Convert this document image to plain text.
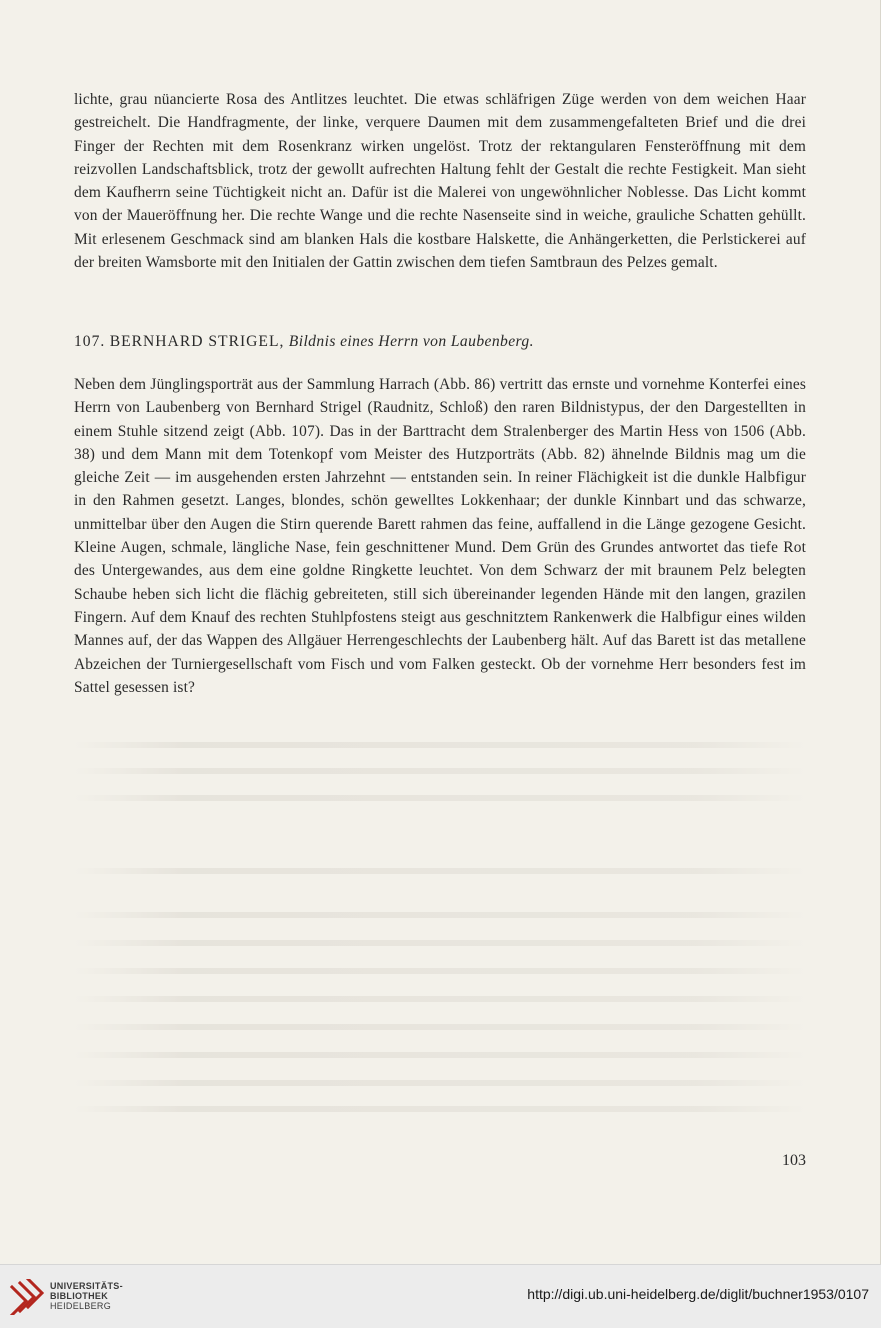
lichte, grau nüancierte Rosa des Antlitzes leuchtet. Die etwas schläfrigen Züge werden von dem weichen Haar gestreichelt. Die Handfragmente, der linke, verquere Daumen mit dem zusammengefalteten Brief und die drei Finger der Rechten mit dem Rosenkranz wirken ungelöst. Trotz der rektangularen Fensteröffnung mit dem reizvollen Landschaftsblick, trotz der gewollt aufrechten Haltung fehlt der Gestalt die rechte Festigkeit. Man sieht dem Kaufherrn seine Tüchtigkeit nicht an. Dafür ist die Malerei von ungewöhnlicher Noblesse. Das Licht kommt von der Maueröffnung her. Die rechte Wange und die rechte Nasenseite sind in weiche, grauliche Schatten gehüllt. Mit erlesenem Geschmack sind am blanken Hals die kostbare Halskette, die Anhängerketten, die Perlstickerei auf der breiten Wamsborte mit den Initialen der Gattin zwischen dem tiefen Samtbraun des Pelzes gemalt.
107. BERNHARD STRIGEL, Bildnis eines Herrn von Laubenberg.
Neben dem Jünglingsporträt aus der Sammlung Harrach (Abb. 86) vertritt das ernste und vornehme Konterfei eines Herrn von Laubenberg von Bernhard Strigel (Raudnitz, Schloß) den raren Bildnistypus, der den Dargestellten in einem Stuhle sitzend zeigt (Abb. 107). Das in der Barttracht dem Stralenberger des Martin Hess von 1506 (Abb. 38) und dem Mann mit dem Totenkopf vom Meister des Hutzporträts (Abb. 82) ähnelnde Bildnis mag um die gleiche Zeit — im ausgehenden ersten Jahrzehnt — entstanden sein. In reiner Flächigkeit ist die dunkle Halbfigur in den Rahmen gesetzt. Langes, blondes, schön gewelltes Lokkenhaar; der dunkle Kinnbart und das schwarze, unmittelbar über den Augen die Stirn querende Barett rahmen das feine, auffallend in die Länge gezogene Gesicht. Kleine Augen, schmale, längliche Nase, fein geschnittener Mund. Dem Grün des Grundes antwortet das tiefe Rot des Untergewandes, aus dem eine goldne Ringkette leuchtet. Von dem Schwarz der mit braunem Pelz belegten Schaube heben sich licht die flächig gebreiteten, still sich übereinander legenden Hände mit den langen, grazilen Fingern. Auf dem Knauf des rechten Stuhlpfostens steigt aus geschnitztem Rankenwerk die Halbfigur eines wilden Mannes auf, der das Wappen des Allgäuer Herrengeschlechts der Laubenberg hält. Auf das Barett ist das metallene Abzeichen der Turniergesellschaft vom Fisch und vom Falken gesteckt. Ob der vornehme Herr besonders fest im Sattel gesessen ist?
103
UNIVERSITÄTS-
BIBLIOTHEK
HEIDELBERG
http://digi.ub.uni-heidelberg.de/diglit/buchner1953/0107
